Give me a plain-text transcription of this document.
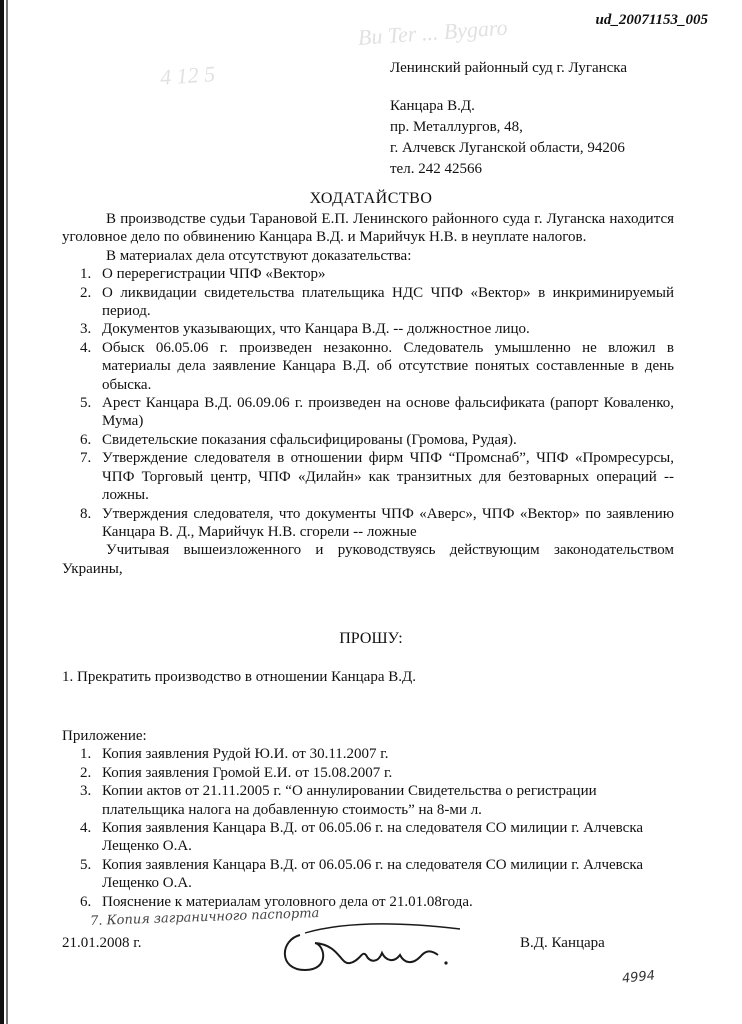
ud_20071153_005
Bu Ter ... Bygaro
4 12 5	Ленинский районный суд г. Луганска
Канцара В.Д.
пр. Металлургов, 48,
г. Алчевск Луганской области, 94206
тел. 242 42566
ХОДАТАЙСТВО

В производстве судьи Тарановой Е.П. Ленинского районного суда г. Луганска находится уголовное дело по обвинению Канцара В.Д. и Марийчук Н.В. в неуплате налогов.

В материалах дела отсутствуют доказательства:

1. О перерегистрации ЧПФ «Вектор»
2. О ликвидации свидетельства плательщика НДС ЧПФ «Вектор» в инкриминируемый период.
3. Документов указывающих, что Канцара В.Д. -- должностное лицо.
4. Обыск 06.05.06 г. произведен незаконно. Следователь умышленно не вложил в материалы дела заявление Канцара В.Д. об отсутствие понятых составленные в день обыска.
5. Арест Канцара В.Д. 06.09.06 г. произведен на основе фальсификата (рапорт Коваленко, Мума)
6. Свидетельские показания сфальсифицированы (Громова, Рудая).
7. Утверждение следователя в отношении фирм ЧПФ “Промснаб”, ЧПФ «Промресурсы, ЧПФ Торговый центр, ЧПФ «Дилайн» как транзитных для безтоварных операций -- ложны.
8. Утверждения следователя, что документы ЧПФ «Аверс», ЧПФ «Вектор» по заявлению Канцара В. Д., Марийчук Н.В. сгорели -- ложные

Учитывая вышеизложенного и руководствуясь действующим законодательством Украины,

ПРОШУ:
1. Прекратить производство в отношении Канцара В.Д.
Приложение:
1. Копия заявления Рудой Ю.И. от 30.11.2007 г.
2. Копия заявления Громой Е.И. от 15.08.2007 г.
3. Копии актов от 21.11.2005 г. “О аннулировании Свидетельства о регистрации плательщика налога на добавленную стоимость” на 8-ми л.
4. Копия заявления Канцара В.Д. от 06.05.06 г. на следователя СО милиции г. Алчевска Лещенко О.А.
5. Копия заявления Канцара В.Д. от 06.05.06 г. на следователя СО милиции г. Алчевска Лещенко О.А.
6. Пояснение к материалам уголовного дела от 21.01.08года.
7. Копия заграничного паспорта
21.01.2008 г.	В.Д. Канцара
4994
